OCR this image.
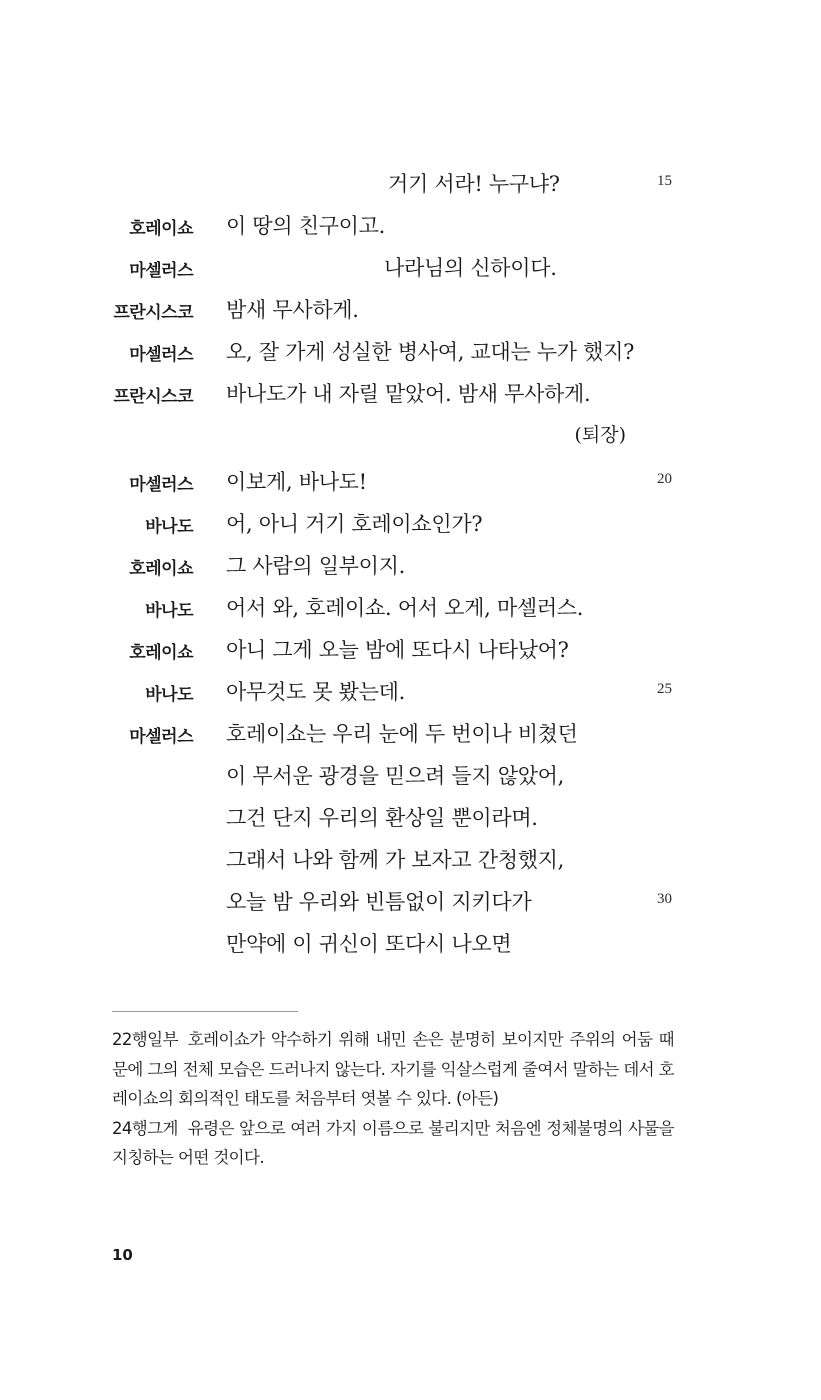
거기 서라! 누구냐?	15
호레이쇼 이 땅의 친구이고.
마셀러스	나라님의 신하이다.
프란시스코 밤새 무사하게.
마셀러스 오, 잘 가게 성실한 병사여, 교대는 누가 했지?
프란시스코 바나도가 내 자릴 맡았어. 밤새 무사하게.
(퇴장)
마셀러스 이보게, 바나도!	20
바나도 어, 아니 거기 호레이쇼인가?
호레이쇼 그 사람의 일부이지.
바나도 어서 와, 호레이쇼. 어서 오게, 마셀러스.
호레이쇼 아니 그게 오늘 밤에 또다시 나타났어?
바나도 아무것도 못 봤는데.	25
마셀러스 호레이쇼는 우리 눈에 두 번이나 비쳤던
이 무서운 광경을 믿으려 들지 않았어,
그건 단지 우리의 환상일 뿐이라며.
그래서 나와 함께 가 보자고 간청했지,
오늘 밤 우리와 빈틈없이 지키다가	30
만약에 이 귀신이 또다시 나오면

22행일부 호레이쇼가 악수하기 위해 내민 손은 분명히 보이지만 주위의 어둠 때문에 그의 전체 모습은 드러나지 않는다. 자기를 익살스럽게 줄여서 말하는 데서 호레이쇼의 회의적인 태도를 처음부터 엿볼 수 있다. (아든)

24행그게 유령은 앞으로 여러 가지 이름으로 불리지만 처음엔 정체불명의 사물을 지칭하는 어떤 것이다.

10
